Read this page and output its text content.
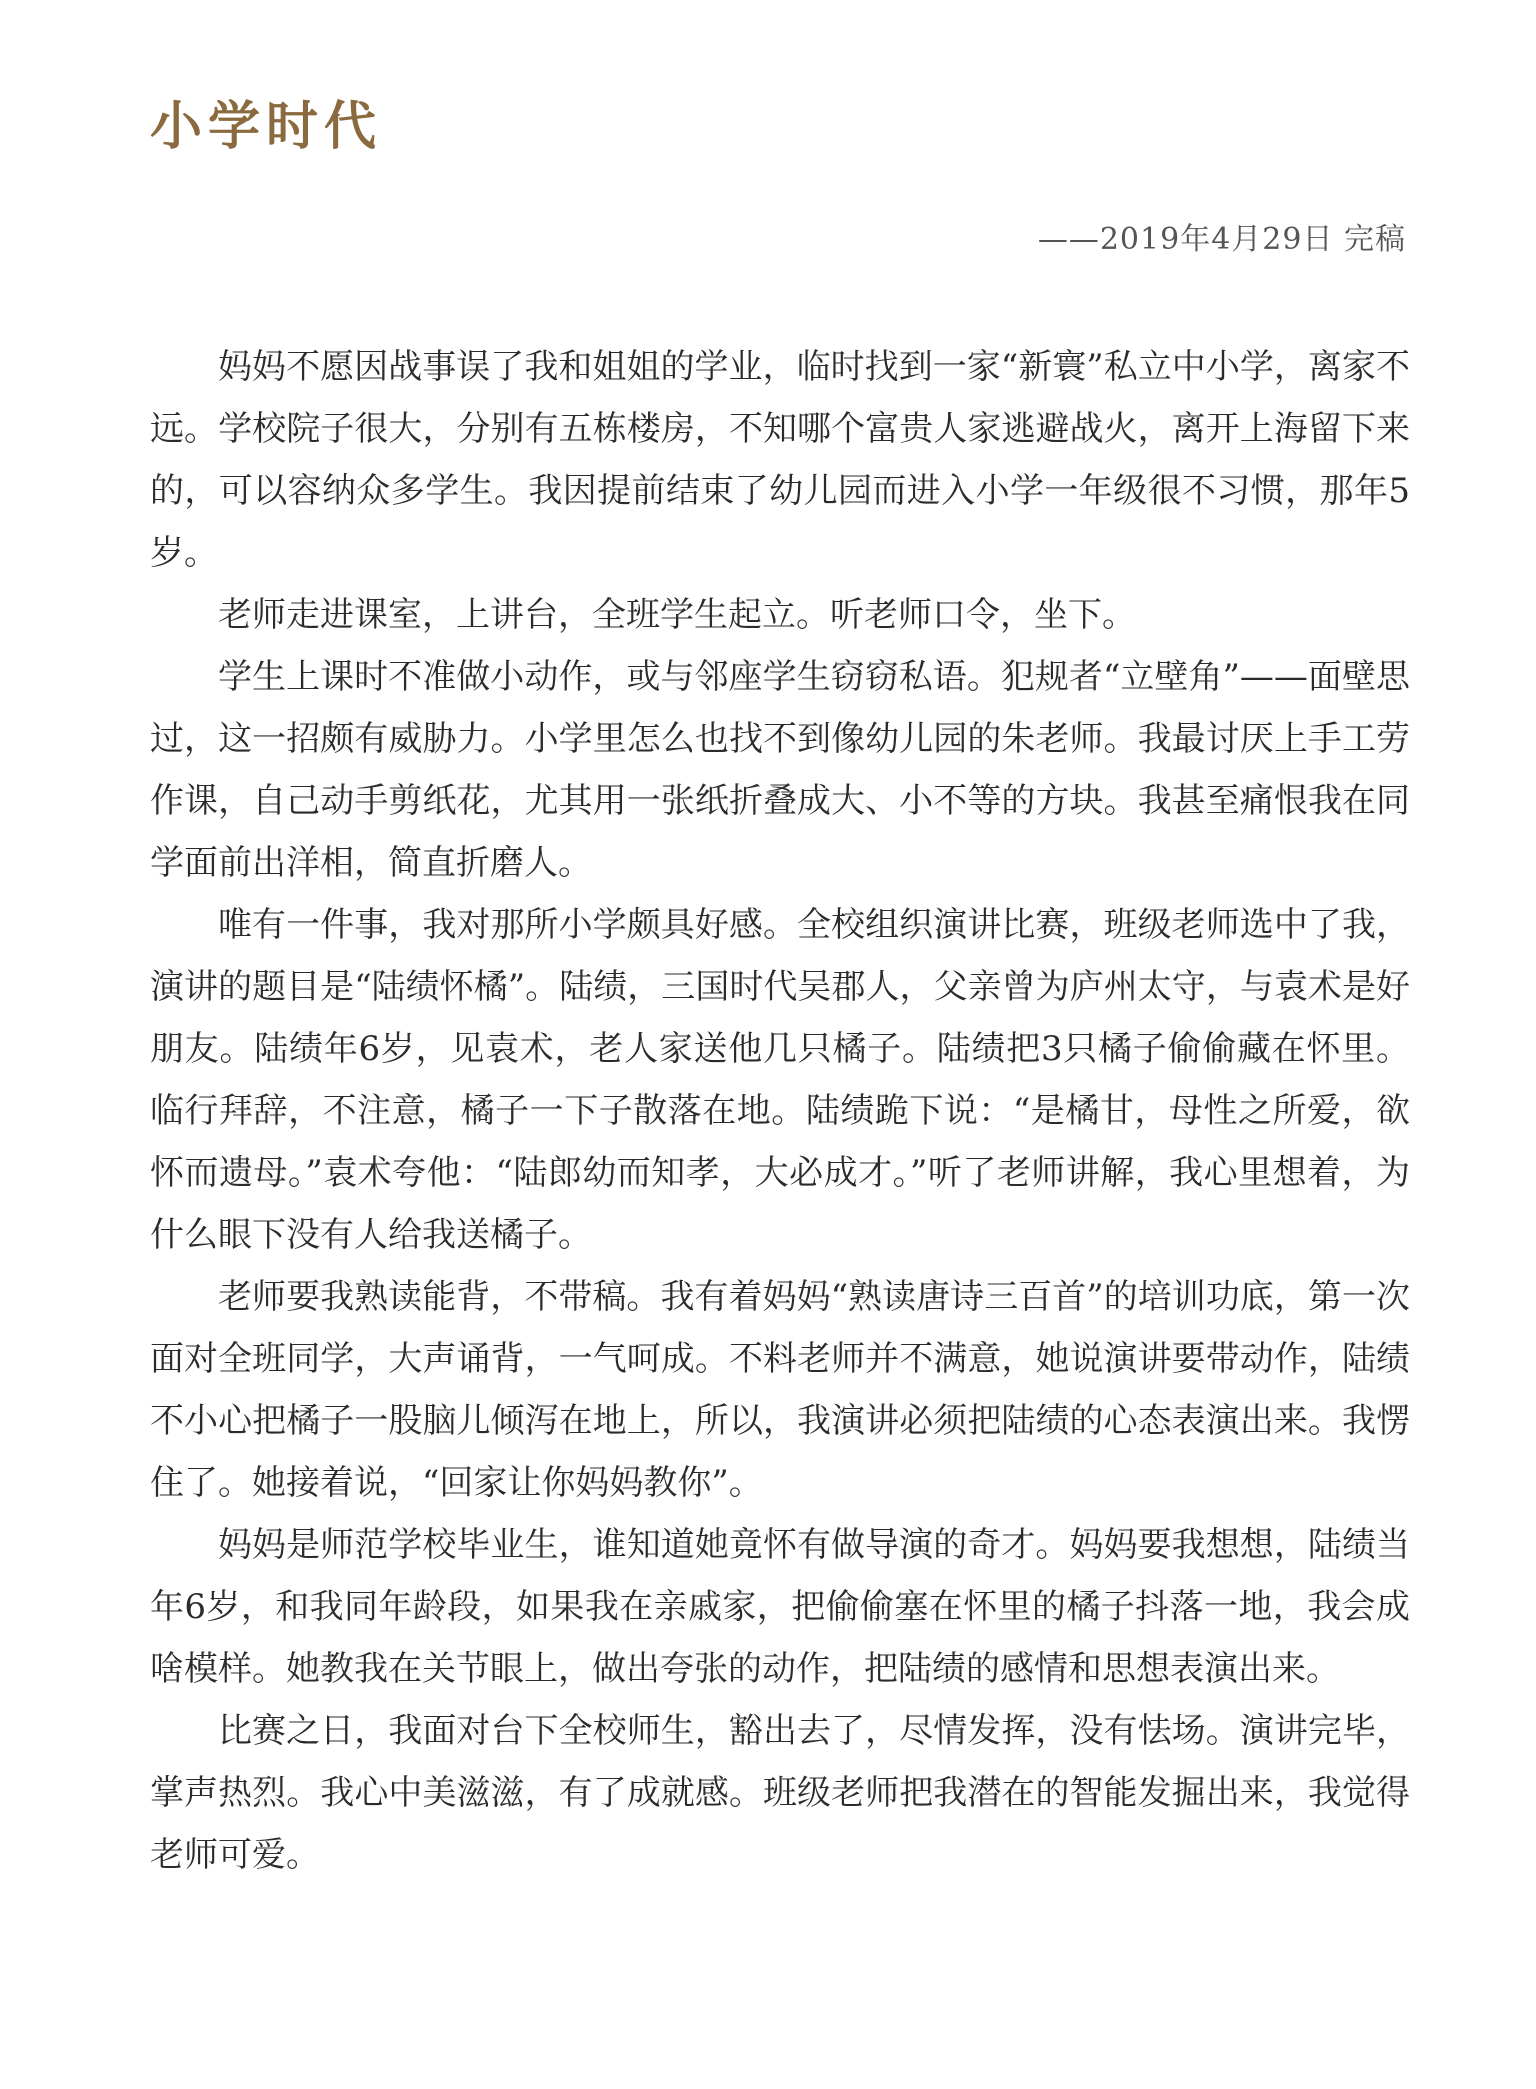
小学时代

——2019年4月29日 完稿

妈妈不愿因战事误了我和姐姐的学业，临时找到一家“新寰”私立中小学，离家不远。学校院子很大，分别有五栋楼房，不知哪个富贵人家逃避战火，离开上海留下来的，可以容纳众多学生。我因提前结束了幼儿园而进入小学一年级很不习惯，那年5岁。

老师走进课室，上讲台，全班学生起立。听老师口令，坐下。

学生上课时不准做小动作，或与邻座学生窃窃私语。犯规者“立壁角”——面壁思过，这一招颇有威胁力。小学里怎么也找不到像幼儿园的朱老师。我最讨厌上手工劳作课，自己动手剪纸花，尤其用一张纸折叠成大、小不等的方块。我甚至痛恨我在同学面前出洋相，简直折磨人。

唯有一件事，我对那所小学颇具好感。全校组织演讲比赛，班级老师选中了我，演讲的题目是“陆绩怀橘”。陆绩，三国时代吴郡人，父亲曾为庐州太守，与袁术是好朋友。陆绩年6岁，见袁术，老人家送他几只橘子。陆绩把3只橘子偷偷藏在怀里。临行拜辞，不注意，橘子一下子散落在地。陆绩跪下说：“是橘甘，母性之所爱，欲怀而遗母。”袁术夸他：“陆郎幼而知孝，大必成才。”听了老师讲解，我心里想着，为什么眼下没有人给我送橘子。

老师要我熟读能背，不带稿。我有着妈妈“熟读唐诗三百首”的培训功底，第一次面对全班同学，大声诵背，一气呵成。不料老师并不满意，她说演讲要带动作，陆绩不小心把橘子一股脑儿倾泻在地上，所以，我演讲必须把陆绩的心态表演出来。我愣住了。她接着说，“回家让你妈妈教你”。

妈妈是师范学校毕业生，谁知道她竟怀有做导演的奇才。妈妈要我想想，陆绩当年6岁，和我同年龄段，如果我在亲戚家，把偷偷塞在怀里的橘子抖落一地，我会成啥模样。她教我在关节眼上，做出夸张的动作，把陆绩的感情和思想表演出来。

比赛之日，我面对台下全校师生，豁出去了，尽情发挥，没有怯场。演讲完毕，掌声热烈。我心中美滋滋，有了成就感。班级老师把我潜在的智能发掘出来，我觉得老师可爱。
